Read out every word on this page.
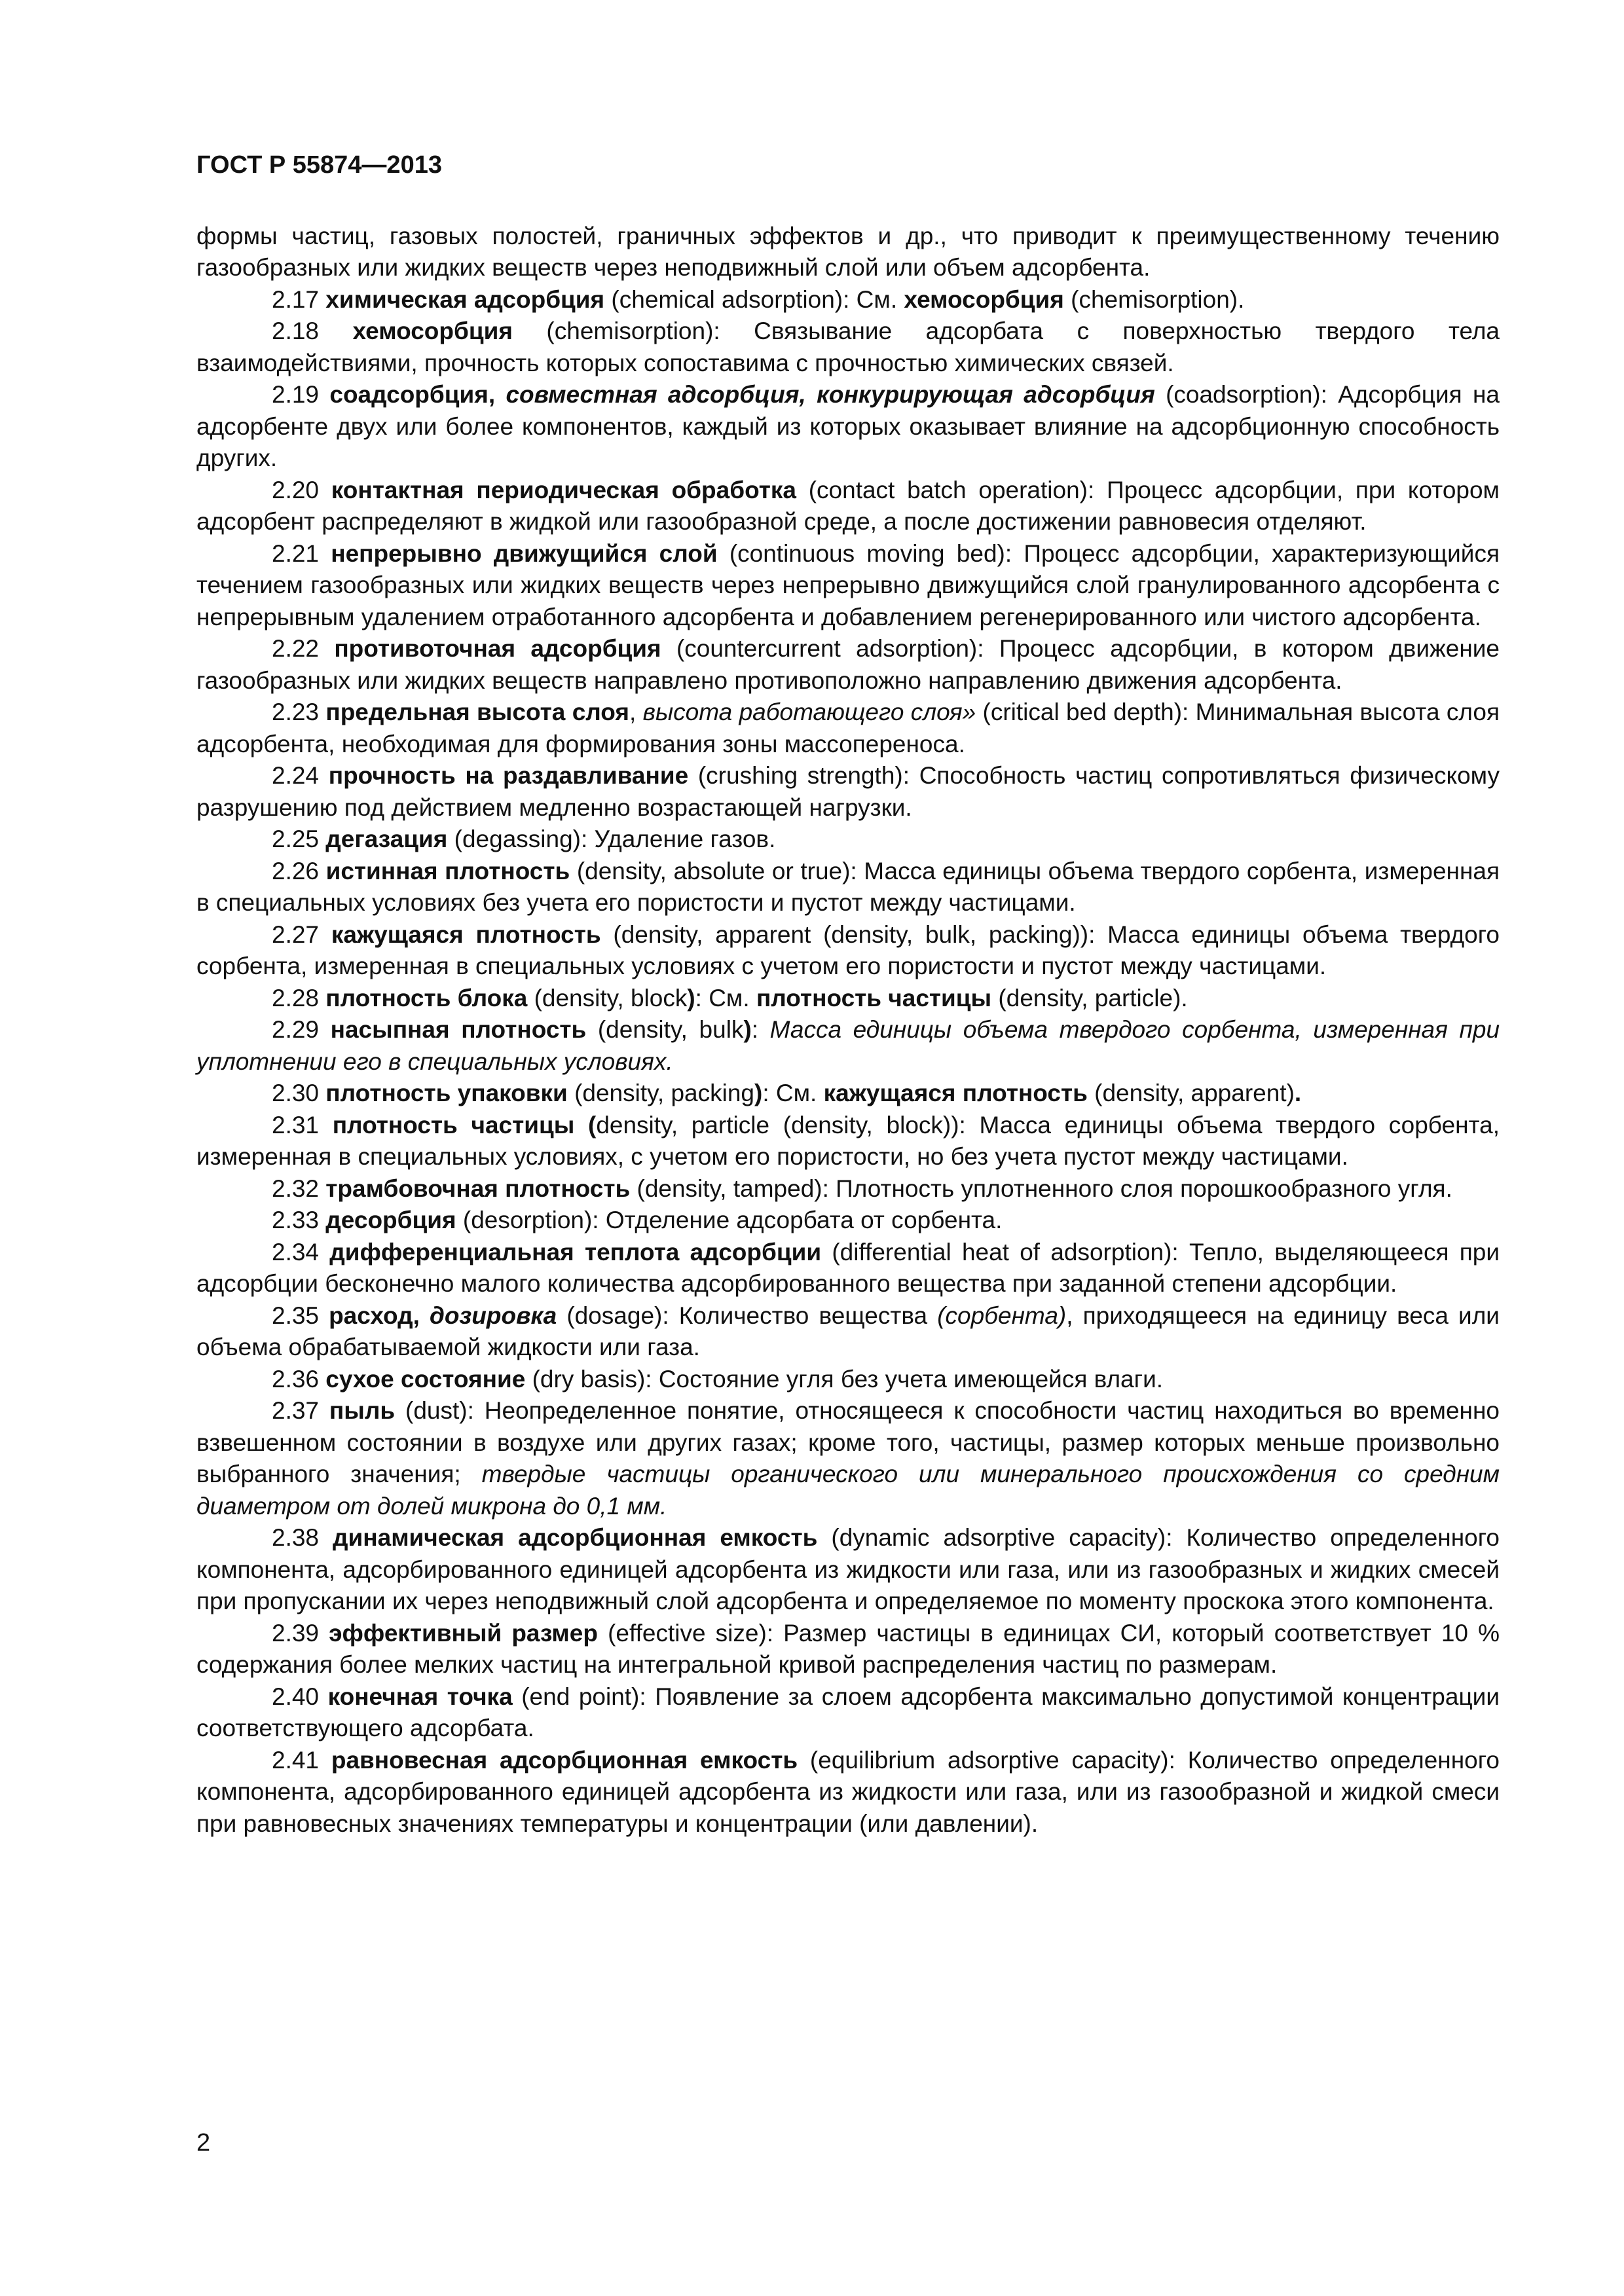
ГОСТ Р 55874—2013

формы частиц, газовых полостей, граничных эффектов и др., что приводит к преимущественному течению газообразных или жидких веществ через неподвижный слой или объем адсорбента.

2.17 химическая адсорбция (chemical adsorption): См. хемосорбция (chemisorption).

2.18 хемосорбция (chemisorption): Связывание адсорбата с поверхностью твердого тела взаимодействиями, прочность которых сопоставима с прочностью химических связей.

2.19 соадсорбция, совместная адсорбция, конкурирующая адсорбция (coadsorption): Адсорбция на адсорбенте двух или более компонентов, каждый из которых оказывает влияние на адсорбционную способность других.

2.20 контактная периодическая обработка (contact batch operation): Процесс адсорбции, при котором адсорбент распределяют в жидкой или газообразной среде, а после достижении равновесия отделяют.

2.21 непрерывно движущийся слой (continuous moving bed): Процесс адсорбции, характеризующийся течением газообразных или жидких веществ через непрерывно движущийся слой гранулированного адсорбента с непрерывным удалением отработанного адсорбента и добавлением регенерированного или чистого адсорбента.

2.22 противоточная адсорбция (countercurrent adsorption): Процесс адсорбции, в котором движение газообразных или жидких веществ направлено противоположно направлению движения адсорбента.

2.23 предельная высота слоя, высота работающего слоя» (critical bed depth): Минимальная высота слоя адсорбента, необходимая для формирования зоны массопереноса.

2.24 прочность на раздавливание (crushing strength): Способность частиц сопротивляться физическому разрушению под действием медленно возрастающей нагрузки.

2.25 дегазация (degassing): Удаление газов.

2.26 истинная плотность (density, absolute or true): Масса единицы объема твердого сорбента, измеренная в специальных условиях без учета его пористости и пустот между частицами.

2.27 кажущаяся плотность (density, apparent (density, bulk, packing)): Масса единицы объема твердого сорбента, измеренная в специальных условиях с учетом его пористости и пустот между частицами.

2.28 плотность блока (density, block): См. плотность частицы (density, particle).

2.29 насыпная плотность (density, bulk): Масса единицы объема твердого сорбента, измеренная при уплотнении его в специальных условиях.

2.30 плотность упаковки (density, packing): См. кажущаяся плотность (density, apparent).

2.31 плотность частицы (density, particle (density, block)): Масса единицы объема твердого сорбента, измеренная в специальных условиях, с учетом его пористости, но без учета пустот между частицами.

2.32 трамбовочная плотность (density, tamped): Плотность уплотненного слоя порошкообразного угля.

2.33 десорбция (desorption): Отделение адсорбата от сорбента.

2.34 дифференциальная теплота адсорбции (differential heat of adsorption): Тепло, выделяющееся при адсорбции бесконечно малого количества адсорбированного вещества при заданной степени адсорбции.

2.35 расход, дозировка (dosage): Количество вещества (сорбента), приходящееся на единицу веса или объема обрабатываемой жидкости или газа.

2.36 сухое состояние (dry basis): Состояние угля без учета имеющейся влаги.

2.37 пыль (dust): Неопределенное понятие, относящееся к способности частиц находиться во временно взвешенном состоянии в воздухе или других газах; кроме того, частицы, размер которых меньше произвольно выбранного значения; твердые частицы органического или минерального происхождения со средним диаметром от долей микрона до 0,1 мм.

2.38 динамическая адсорбционная емкость (dynamic adsorptive capacity): Количество определенного компонента, адсорбированного единицей адсорбента из жидкости или газа, или из газообразных и жидких смесей при пропускании их через неподвижный слой адсорбента и определяемое по моменту проскока этого компонента.

2.39 эффективный размер (effective size): Размер частицы в единицах СИ, который соответствует 10 % содержания более мелких частиц на интегральной кривой распределения частиц по размерам.

2.40 конечная точка (end point): Появление за слоем адсорбента максимально допустимой концентрации соответствующего адсорбата.

2.41 равновесная адсорбционная емкость (equilibrium adsorptive capacity): Количество определенного компонента, адсорбированного единицей адсорбента из жидкости или газа, или из газообразной и жидкой смеси при равновесных значениях температуры и концентрации (или давлении).

2
